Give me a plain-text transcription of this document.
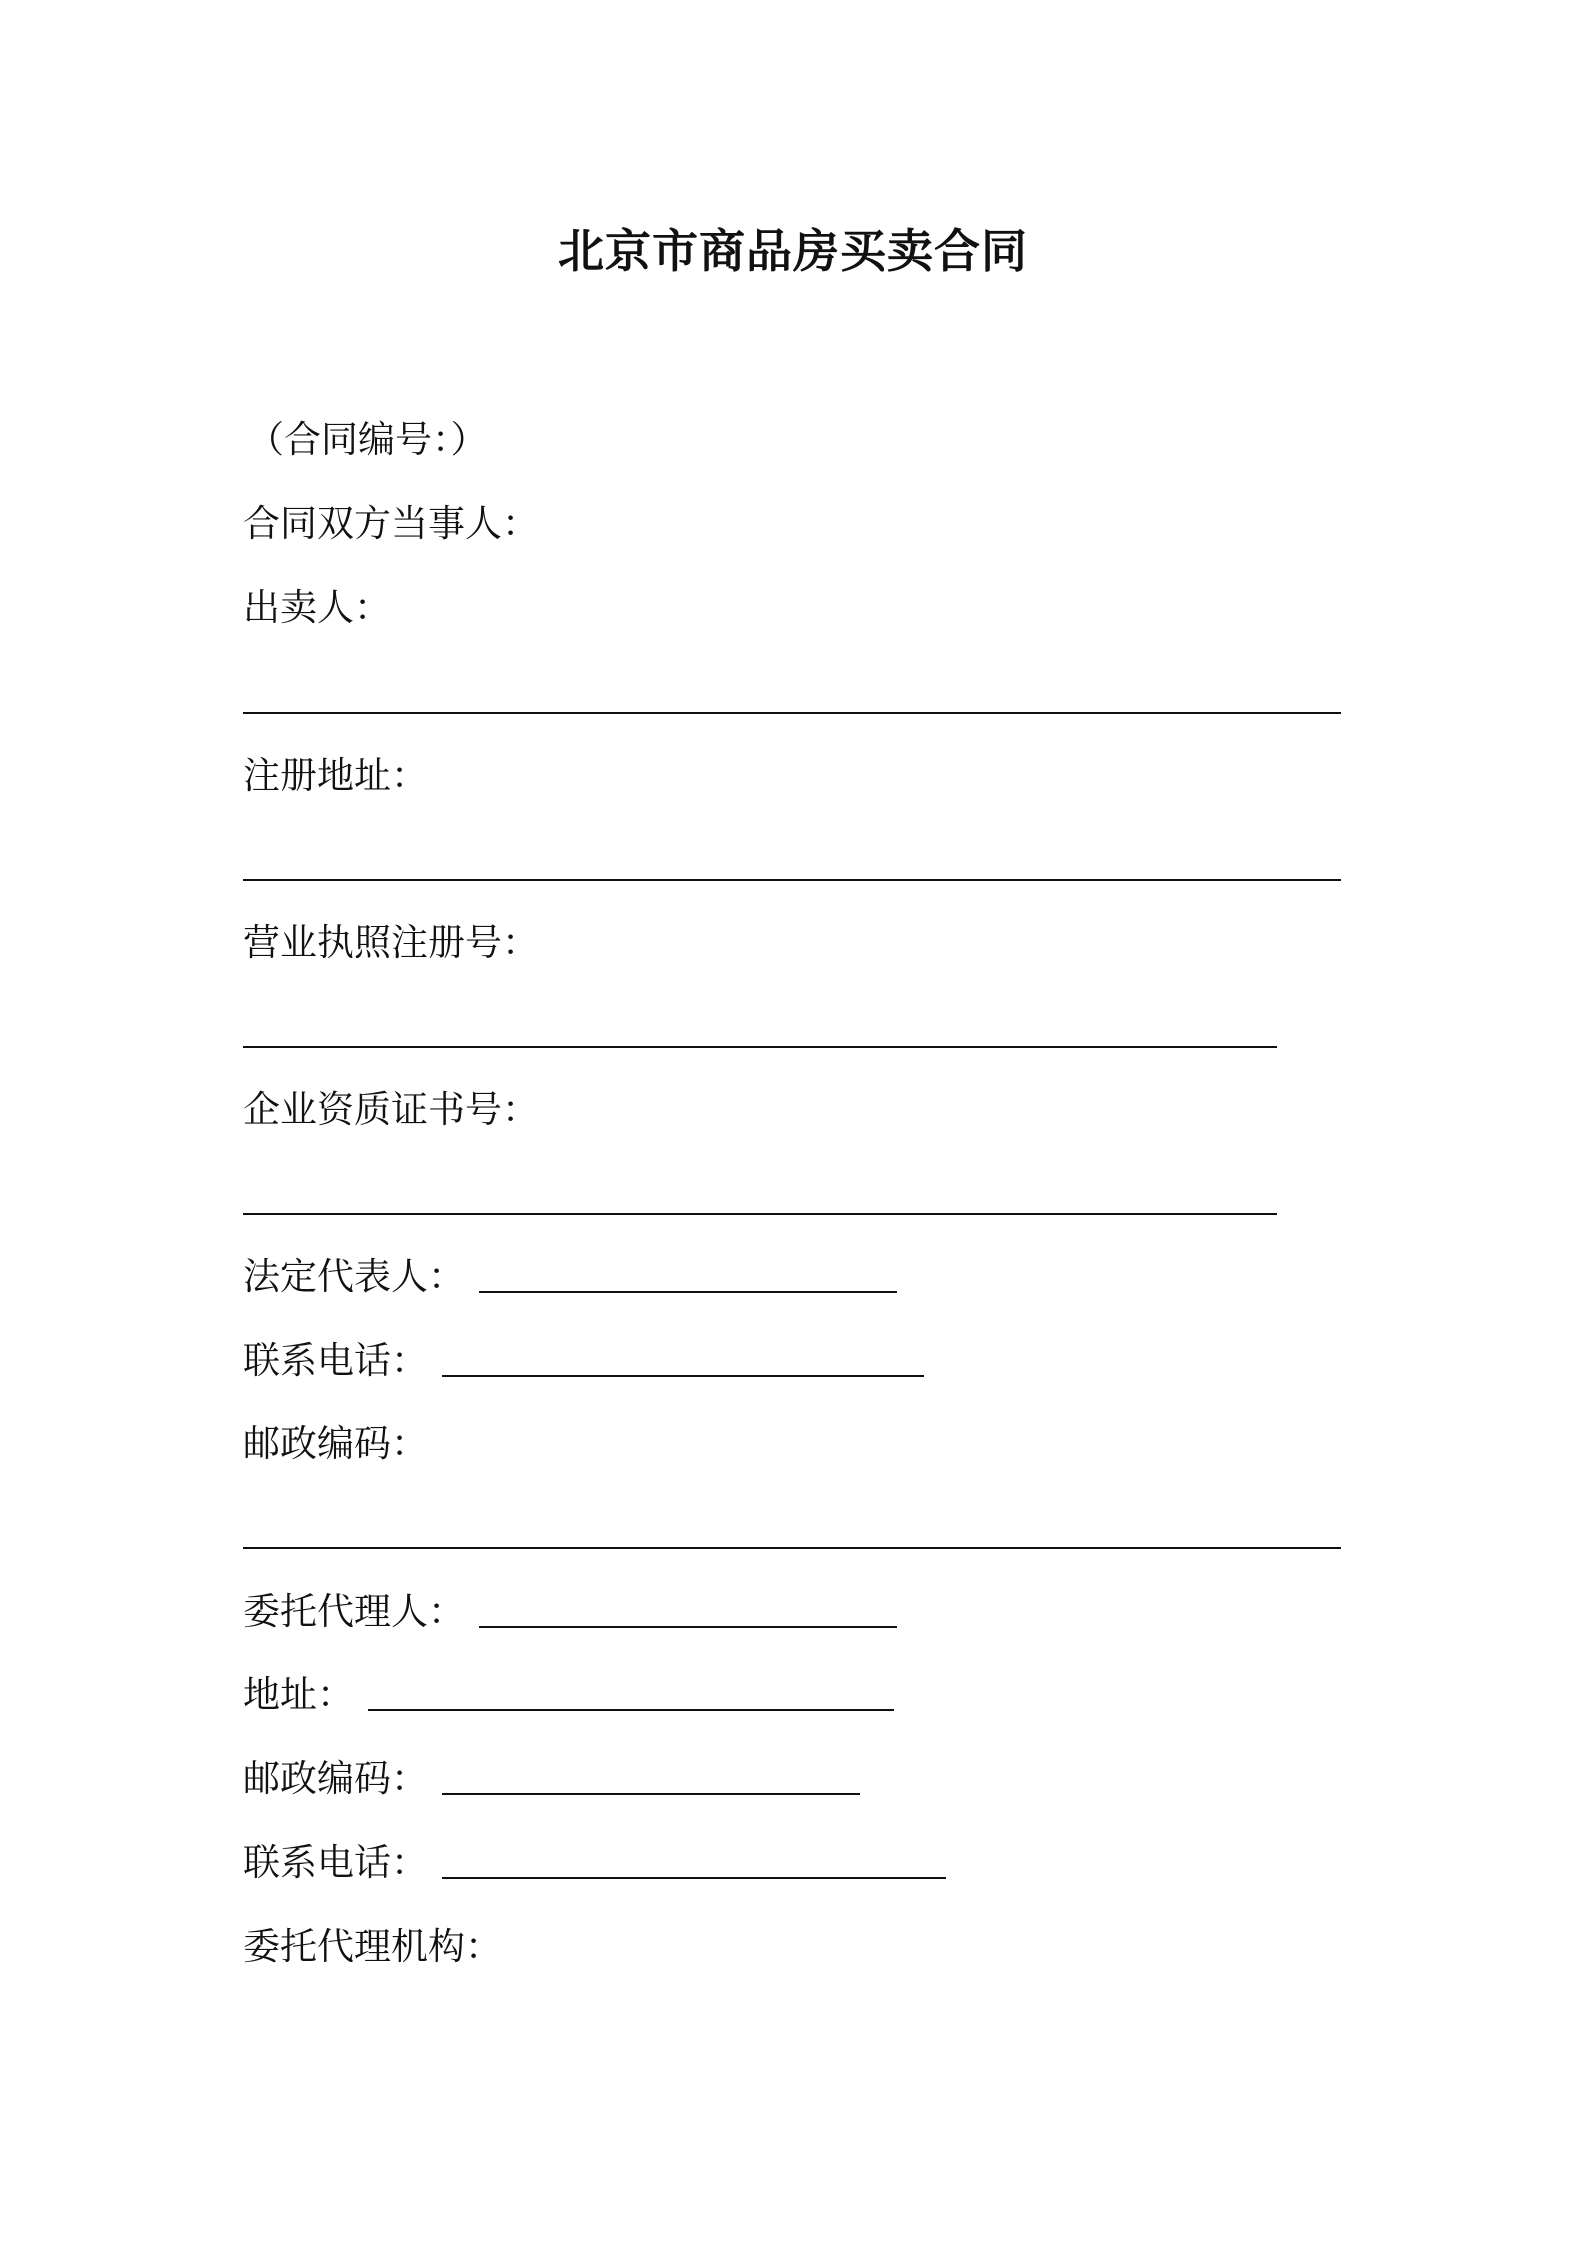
北京市商品房买卖合同
（合同编号：）
合同双方当事人：
出卖人：
注册地址：
营业执照注册号：
企业资质证书号：
法定代表人：
联系电话：
邮政编码：
委托代理人：
地址：
邮政编码：
联系电话：
委托代理机构：
